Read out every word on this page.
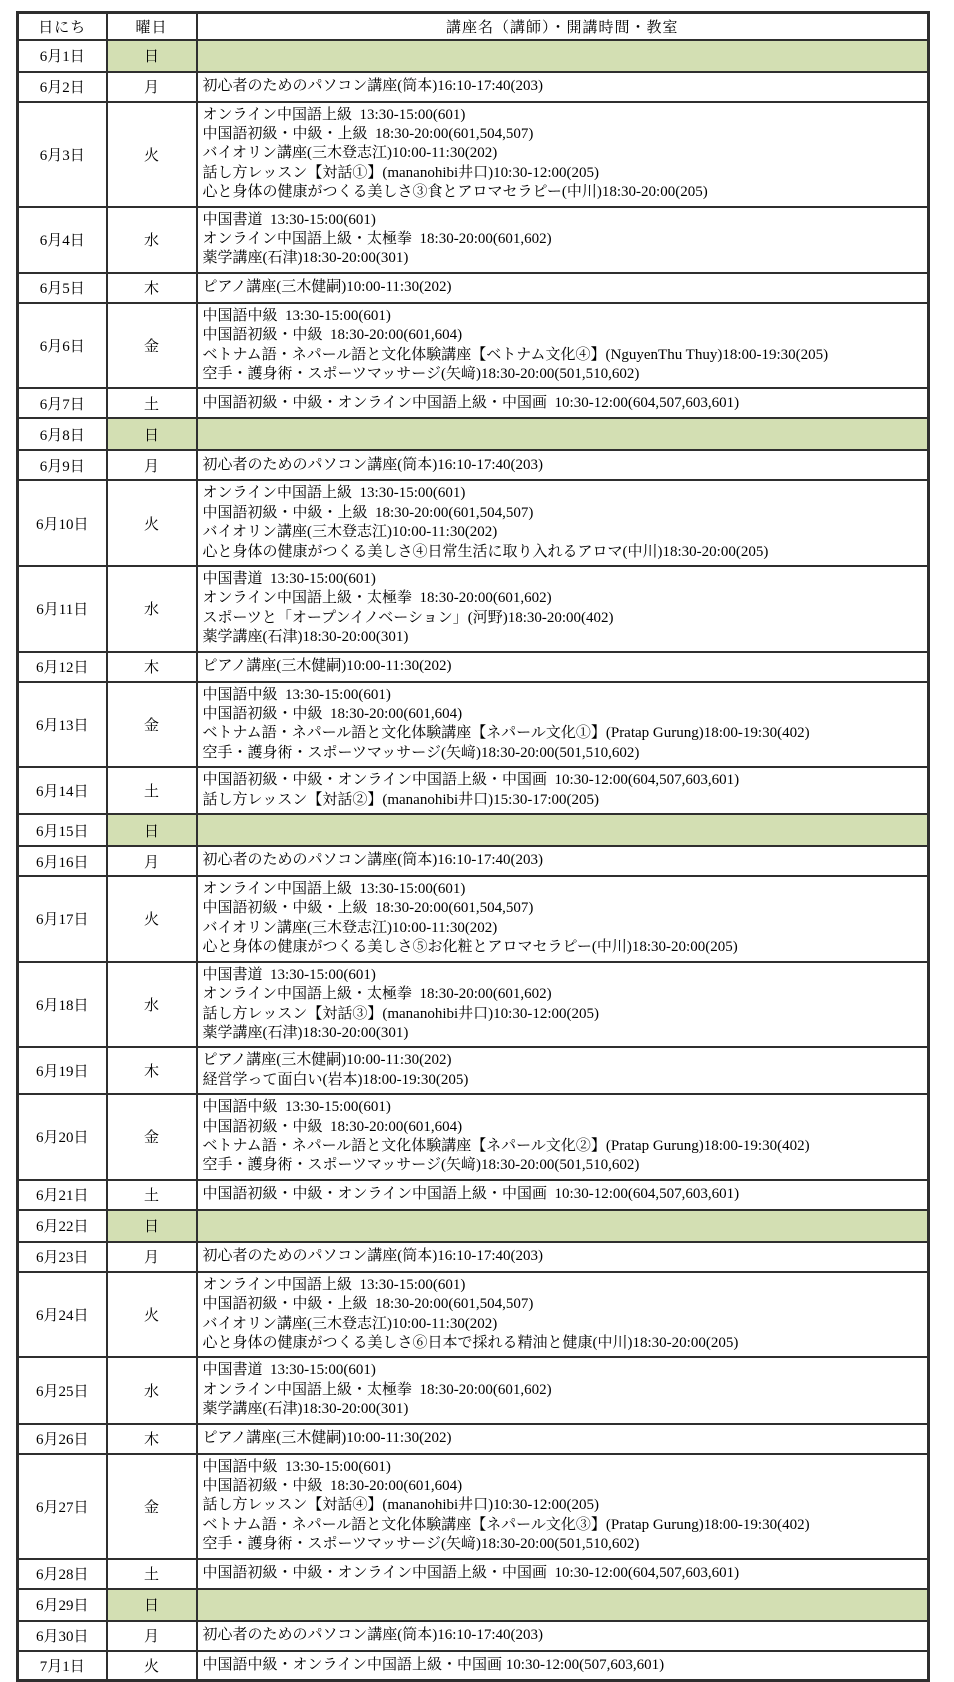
日にち	曜日	講座名（講師）・開講時間・教室
6月1日	日	
6月2日	月	初心者のためのパソコン講座(筒本)16:10-17:40(203)

6月3日	火	オンライン中国語上級  13:30-15:00(601)
中国語初級・中級・上級  18:30-20:00(601,504,507)
バイオリン講座(三木登志江)10:00-11:30(202)
話し方レッスン【対話①】(mananohibi井口)10:30-12:00(205)
心と身体の健康がつくる美しさ③食とアロマセラピー(中川)18:30-20:00(205)

6月4日	水	中国書道  13:30-15:00(601)
オンライン中国語上級・太極拳  18:30-20:00(601,602)
薬学講座(石津)18:30-20:00(301)

6月5日	木	ピアノ講座(三木健嗣)10:00-11:30(202)

6月6日	金	中国語中級  13:30-15:00(601)
中国語初級・中級  18:30-20:00(601,604)
ベトナム語・ネパール語と文化体験講座【ベトナム文化④】(NguyenThu Thuy)18:00-19:30(205)
空手・護身術・スポーツマッサージ(矢﨑)18:30-20:00(501,510,602)

6月7日	土	中国語初級・中級・オンライン中国語上級・中国画  10:30-12:00(604,507,603,601)

6月8日	日	
6月9日	月	初心者のためのパソコン講座(筒本)16:10-17:40(203)

6月10日	火	オンライン中国語上級  13:30-15:00(601)
中国語初級・中級・上級  18:30-20:00(601,504,507)
バイオリン講座(三木登志江)10:00-11:30(202)
心と身体の健康がつくる美しさ④日常生活に取り入れるアロマ(中川)18:30-20:00(205)

6月11日	水	中国書道  13:30-15:00(601)
オンライン中国語上級・太極拳  18:30-20:00(601,602)
スポーツと「オープンイノベーション」(河野)18:30-20:00(402)
薬学講座(石津)18:30-20:00(301)

6月12日	木	ピアノ講座(三木健嗣)10:00-11:30(202)

6月13日	金	中国語中級  13:30-15:00(601)
中国語初級・中級  18:30-20:00(601,604)
ベトナム語・ネパール語と文化体験講座【ネパール文化①】(Pratap Gurung)18:00-19:30(402)
空手・護身術・スポーツマッサージ(矢﨑)18:30-20:00(501,510,602)

6月14日	土	中国語初級・中級・オンライン中国語上級・中国画  10:30-12:00(604,507,603,601)
話し方レッスン【対話②】(mananohibi井口)15:30-17:00(205)

6月15日	日	
6月16日	月	初心者のためのパソコン講座(筒本)16:10-17:40(203)

6月17日	火	オンライン中国語上級  13:30-15:00(601)
中国語初級・中級・上級  18:30-20:00(601,504,507)
バイオリン講座(三木登志江)10:00-11:30(202)
心と身体の健康がつくる美しさ⑤お化粧とアロマセラピー(中川)18:30-20:00(205)

6月18日	水	中国書道  13:30-15:00(601)
オンライン中国語上級・太極拳  18:30-20:00(601,602)
話し方レッスン【対話③】(mananohibi井口)10:30-12:00(205)
薬学講座(石津)18:30-20:00(301)

6月19日	木	ピアノ講座(三木健嗣)10:00-11:30(202)
経営学って面白い(岩本)18:00-19:30(205)

6月20日	金	中国語中級  13:30-15:00(601)
中国語初級・中級  18:30-20:00(601,604)
ベトナム語・ネパール語と文化体験講座【ネパール文化②】(Pratap Gurung)18:00-19:30(402)
空手・護身術・スポーツマッサージ(矢﨑)18:30-20:00(501,510,602)

6月21日	土	中国語初級・中級・オンライン中国語上級・中国画  10:30-12:00(604,507,603,601)

6月22日	日	
6月23日	月	初心者のためのパソコン講座(筒本)16:10-17:40(203)

6月24日	火	オンライン中国語上級  13:30-15:00(601)
中国語初級・中級・上級  18:30-20:00(601,504,507)
バイオリン講座(三木登志江)10:00-11:30(202)
心と身体の健康がつくる美しさ⑥日本で採れる精油と健康(中川)18:30-20:00(205)

6月25日	水	中国書道  13:30-15:00(601)
オンライン中国語上級・太極拳  18:30-20:00(601,602)
薬学講座(石津)18:30-20:00(301)

6月26日	木	ピアノ講座(三木健嗣)10:00-11:30(202)

6月27日	金	中国語中級  13:30-15:00(601)
中国語初級・中級  18:30-20:00(601,604)
話し方レッスン【対話④】(mananohibi井口)10:30-12:00(205)
ベトナム語・ネパール語と文化体験講座【ネパール文化③】(Pratap Gurung)18:00-19:30(402)
空手・護身術・スポーツマッサージ(矢﨑)18:30-20:00(501,510,602)

6月28日	土	中国語初級・中級・オンライン中国語上級・中国画  10:30-12:00(604,507,603,601)

6月29日	日	
6月30日	月	初心者のためのパソコン講座(筒本)16:10-17:40(203)

7月1日	火	中国語中級・オンライン中国語上級・中国画 10:30-12:00(507,603,601)
